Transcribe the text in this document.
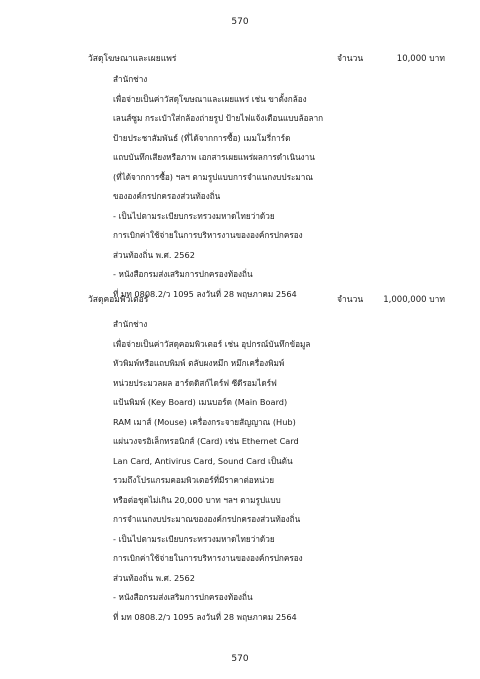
570
วัสดุโฆษณาและเผยแพร่	จำนวน	10,000 บาท
สำนักช่าง
เพื่อจ่ายเป็นค่าวัสดุโฆษณาและเผยแพร่ เช่น ขาตั้งกล้อง
เลนส์ซูม กระเป๋าใส่กล้องถ่ายรูป ป้ายไฟแจ้งเตือนแบบล้อลาก
ป้ายประชาสัมพันธ์ (ที่ได้จากการซื้อ) เมมโมรี่การ์ด
แถบบันทึกเสียงหรือภาพ เอกสารเผยแพร่ผลการดำเนินงาน
(ที่ได้จากการซื้อ) ฯลฯ ตามรูปแบบการจำแนกงบประมาณ
ขององค์กรปกครองส่วนท้องถิ่น
- เป็นไปตามระเบียบกระทรวงมหาดไทยว่าด้วย
การเบิกค่าใช้จ่ายในการบริหารงานขององค์กรปกครอง
ส่วนท้องถิ่น พ.ศ. 2562
- หนังสือกรมส่งเสริมการปกครองท้องถิ่น
ที่ มท 0808.2/ว 1095 ลงวันที่ 28 พฤษภาคม 2564
วัสดุคอมพิวเตอร์	จำนวน 1,000,000 บาท
สำนักช่าง
เพื่อจ่ายเป็นค่าวัสดุคอมพิวเตอร์ เช่น อุปกรณ์บันทึกข้อมูล
หัวพิมพ์หรือแถบพิมพ์ ตลับผงหมึก หมึกเครื่องพิมพ์
หน่วยประมวลผล ฮาร์ดดิสก์ไดร์ฟ ซีดีรอมไดร์ฟ
แป้นพิมพ์ (Key Board) เมนบอร์ด (Main Board)
RAM เมาส์ (Mouse) เครื่องกระจายสัญญาณ (Hub)
แผ่นวงจรอิเล็กทรอนิกส์ (Card) เช่น Ethernet Card
Lan Card, Antivirus Card, Sound Card เป็นต้น
รวมถึงโปรแกรมคอมพิวเตอร์ที่มีราคาต่อหน่วย
หรือต่อชุดไม่เกิน 20,000 บาท ฯลฯ ตามรูปแบบ
การจำแนกงบประมาณขององค์กรปกครองส่วนท้องถิ่น
- เป็นไปตามระเบียบกระทรวงมหาดไทยว่าด้วย
การเบิกค่าใช้จ่ายในการบริหารงานขององค์กรปกครอง
ส่วนท้องถิ่น พ.ศ. 2562
- หนังสือกรมส่งเสริมการปกครองท้องถิ่น
ที่ มท 0808.2/ว 1095 ลงวันที่ 28 พฤษภาคม 2564
570
